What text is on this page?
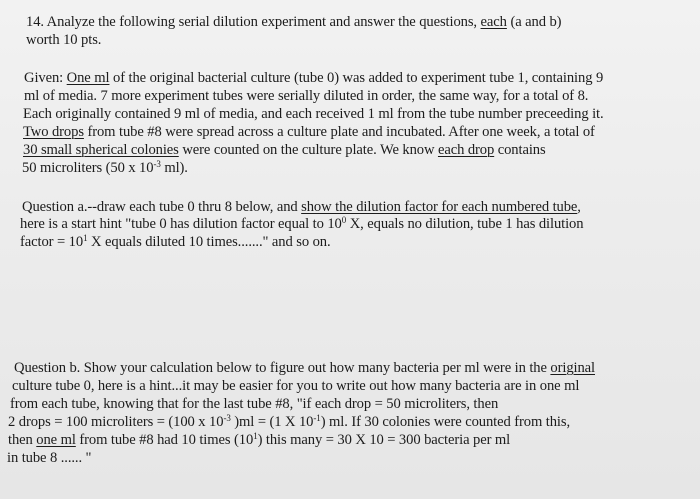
14. Analyze the following serial dilution experiment and answer the questions, each (a and b)
worth 10 pts.
Given: One ml of the original bacterial culture (tube 0) was added to experiment tube 1, containing 9
ml of media. 7 more experiment tubes were serially diluted in order, the same way, for a total of 8.
Each originally contained 9 ml of media, and each received 1 ml from the tube number preceeding it.
Two drops from tube #8 were spread across a culture plate and incubated. After one week, a total of
30 small spherical colonies were counted on the culture plate. We know each drop contains
50 microliters (50 x $10^{-3}$ ml).
Question a.--draw each tube 0 thru 8 below, and show the dilution factor for each numbered tube,
here is a start hint "tube 0 has dilution factor equal to $10^0$ X, equals no dilution, tube 1 has dilution
factor = $10^1$ X equals diluted 10 times......." and so on.
Question b. Show your calculation below to figure out how many bacteria per ml were in the original
culture tube 0, here is a hint...it may be easier for you to write out how many bacteria are in one ml
from each tube, knowing that for the last tube #8, "if each drop = 50 microliters, then
2 drops = 100 microliters = (100 x $10^{-3}$ )ml = (1 X $10^{-1}$) ml. If 30 colonies were counted from this,
then one ml from tube #8 had 10 times $(10^1)$ this many = 30 X 10 = 300 bacteria per ml
in tube 8 ...... "
